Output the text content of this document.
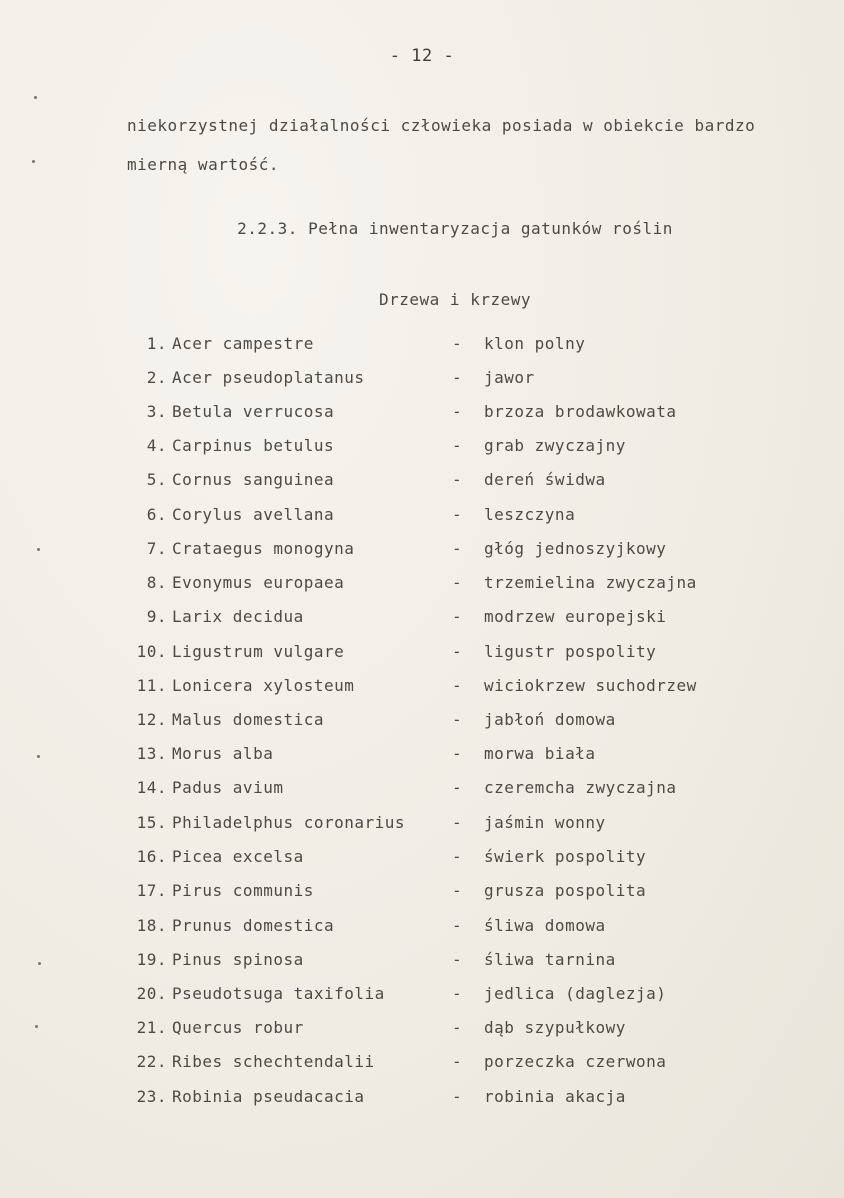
- 12 -
niekorzystnej działalności człowieka posiada w obiekcie bardzo
mierną wartość.
2.2.3. Pełna inwentaryzacja gatunków roślin
Drzewa i krzewy
1. Acer campestre	- klon polny
2. Acer pseudoplatanus	- jawor
3. Betula verrucosa	- brzoza brodawkowata
4. Carpinus betulus	- grab zwyczajny
5. Cornus sanguinea	- dereń świdwa
6. Corylus avellana	- leszczyna
7. Crataegus monogyna	- głóg jednoszyjkowy
8. Evonymus europaea	- trzemielina zwyczajna
9. Larix decidua	- modrzew europejski
10. Ligustrum vulgare	- ligustr pospolity
11. Lonicera xylosteum	- wiciokrzew suchodrzew
12. Malus domestica	- jabłoń domowa
13. Morus alba	- morwa biała
14. Padus avium	- czeremcha zwyczajna
15. Philadelphus coronarius	- jaśmin wonny
16. Picea excelsa	- świerk pospolity
17. Pirus communis	- grusza pospolita
18. Prunus domestica	- śliwa domowa
19. Pinus spinosa	- śliwa tarnina
20. Pseudotsuga taxifolia	- jedlica (daglezja)
21. Quercus robur	- dąb szypułkowy
22. Ribes schechtendalii	- porzeczka czerwona
23. Robinia pseudacacia	- robinia akacja
